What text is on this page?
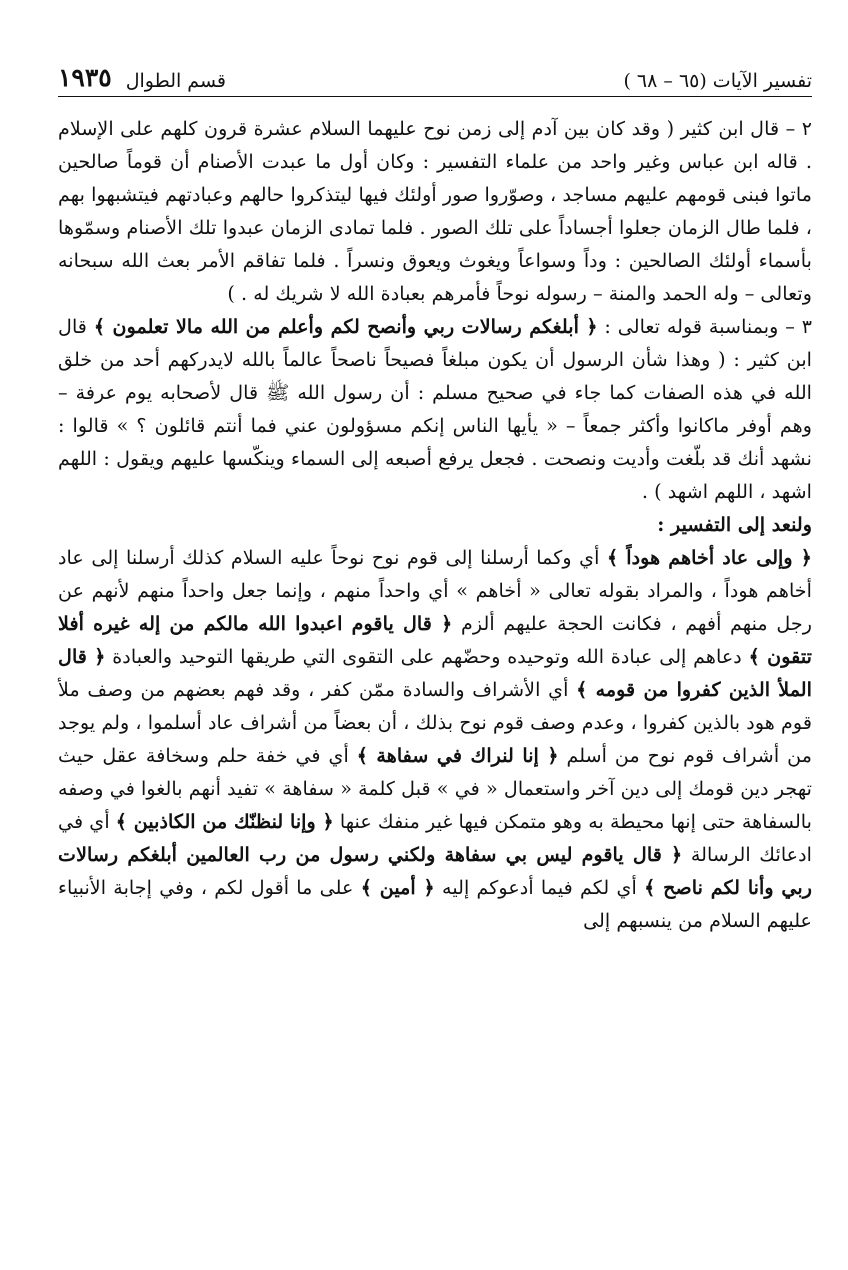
تفسير الآيات (٦٥ – ٦٨ )
قسم الطوال
١٩٣٥

٢ – قال ابن كثير ( وقد كان بين آدم إلى زمن نوح عليهما السلام عشرة قرون كلهم على الإسلام . قاله ابن عباس وغير واحد من علماء التفسير : وكان أول ما عبدت الأصنام أن قوماً صالحين ماتوا فبنى قومهم عليهم مساجد ، وصوّروا صور أولئك فيها ليتذكروا حالهم وعبادتهم فيتشبهوا بهم ، فلما طال الزمان جعلوا أجساداً على تلك الصور . فلما تمادى الزمان عبدوا تلك الأصنام وسمّوها بأسماء أولئك الصالحين : وداً وسواعاً ويغوث ويعوق ونسراً . فلما تفاقم الأمر بعث الله سبحانه وتعالى – وله الحمد والمنة – رسوله نوحاً فأمرهم بعبادة الله لا شريك له . )

٣ – وبمناسبة قوله تعالى : ﴿ أبلغكم رسالات ربي وأنصح لكم وأعلم من الله مالا تعلمون ﴾ قال ابن كثير : ( وهذا شأن الرسول أن يكون مبلغاً فصيحاً ناصحاً عالماً بالله لايدركهم أحد من خلق الله في هذه الصفات كما جاء في صحيح مسلم : أن رسول الله ﷺ قال لأصحابه يوم عرفة – وهم أوفر ماكانوا وأكثر جمعاً – « يأيها الناس إنكم مسؤولون عني فما أنتم قائلون ؟ » قالوا : نشهد أنك قد بلّغت وأديت ونصحت . فجعل يرفع أصبعه إلى السماء وينكّسها عليهم ويقول : اللهم اشهد ، اللهم اشهد ) .

ولنعد إلى التفسير :

﴿ وإلى عاد أخاهم هوداً ﴾ أي وكما أرسلنا إلى قوم نوح نوحاً عليه السلام كذلك أرسلنا إلى عاد أخاهم هوداً ، والمراد بقوله تعالى « أخاهم » أي واحداً منهم ، وإنما جعل واحداً منهم لأنهم عن رجل منهم أفهم ، فكانت الحجة عليهم ألزم ﴿ قال ياقوم اعبدوا الله مالكم من إله غيره أفلا تتقون ﴾ دعاهم إلى عبادة الله وتوحيده وحضّهم على التقوى التي طريقها التوحيد والعبادة ﴿ قال الملأ الذين كفروا من قومه ﴾ أي الأشراف والسادة ممّن كفر ، وقد فهم بعضهم من وصف ملأ قوم هود بالذين كفروا ، وعدم وصف قوم نوح بذلك ، أن بعضاً من أشراف عاد أسلموا ، ولم يوجد من أشراف قوم نوح من أسلم ﴿ إنا لنراك في سفاهة ﴾ أي في خفة حلم وسخافة عقل حيث تهجر دين قومك إلى دين آخر واستعمال « في » قبل كلمة « سفاهة » تفيد أنهم بالغوا في وصفه بالسفاهة حتى إنها محيطة به وهو متمكن فيها غير منفك عنها ﴿ وإنا لنظنّك من الكاذبين ﴾ أي في ادعائك الرسالة ﴿ قال ياقوم ليس بي سفاهة ولكني رسول من رب العالمين أبلغكم رسالات ربي وأنا لكم ناصح ﴾ أي لكم فيما أدعوكم إليه ﴿ أمين ﴾ على ما أقول لكم ، وفي إجابة الأنبياء عليهم السلام من ينسبهم إلى
